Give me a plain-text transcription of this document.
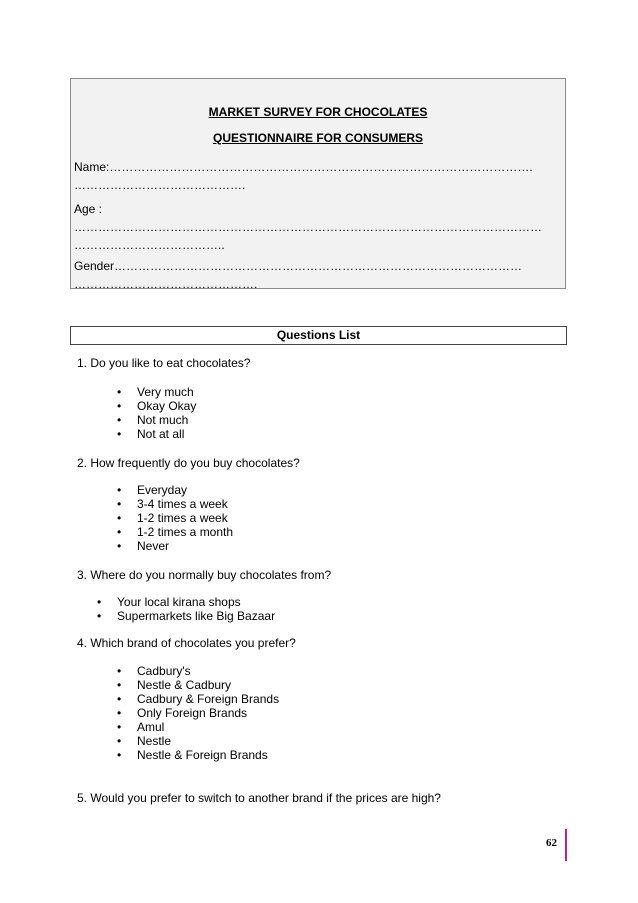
MARKET SURVEY FOR CHOCOLATES
QUESTIONNAIRE FOR CONSUMERS
Name:…………………………………………………………………………………………….
…………………………………….
Age :
………………………………………………………………………………………………………
………………………………..
Gender…………………………………………………………………………………………
……………………………………….
Questions List
1. Do you like to eat chocolates?
• Very much
• Okay Okay
• Not much
• Not at all
2. How frequently do you buy chocolates?
• Everyday
• 3-4 times a week
• 1-2 times a week
• 1-2 times a month
• Never
3. Where do you normally buy chocolates from?
• Your local kirana shops
• Supermarkets like Big Bazaar
4. Which brand of chocolates you prefer?
• Cadbury's
• Nestle & Cadbury
• Cadbury & Foreign Brands
• Only Foreign Brands
• Amul
• Nestle
• Nestle & Foreign Brands
5. Would you prefer to switch to another brand if the prices are high?
62
